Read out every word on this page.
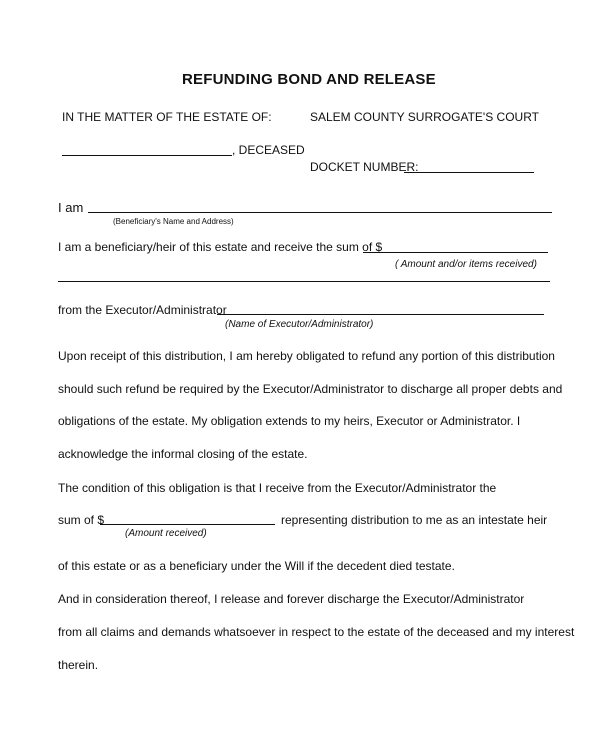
REFUNDING BOND AND RELEASE
IN THE MATTER OF THE ESTATE OF:	SALEM COUNTY SURROGATE'S COURT
, DECEASED
DOCKET NUMBER:
I am
(Beneficiary's Name and Address)
I am a beneficiary/heir of this estate and receive the sum of $
( Amount and/or items received)
from the Executor/Administrator
(Name of Executor/Administrator)
Upon receipt of this distribution, I am hereby obligated to refund any portion of this distribution
should such refund be required by the Executor/Administrator to discharge all proper debts and
obligations of the estate. My obligation extends to my heirs, Executor or Administrator. I
acknowledge the informal closing of the estate.
The condition of this obligation is that I receive from the Executor/Administrator the
sum of $
(Amount received)
representing distribution to me as an intestate heir
of this estate or as a beneficiary under the Will if the decedent died testate.
And in consideration thereof, I release and forever discharge the Executor/Administrator
from all claims and demands whatsoever in respect to the estate of the deceased and my interest
therein.
